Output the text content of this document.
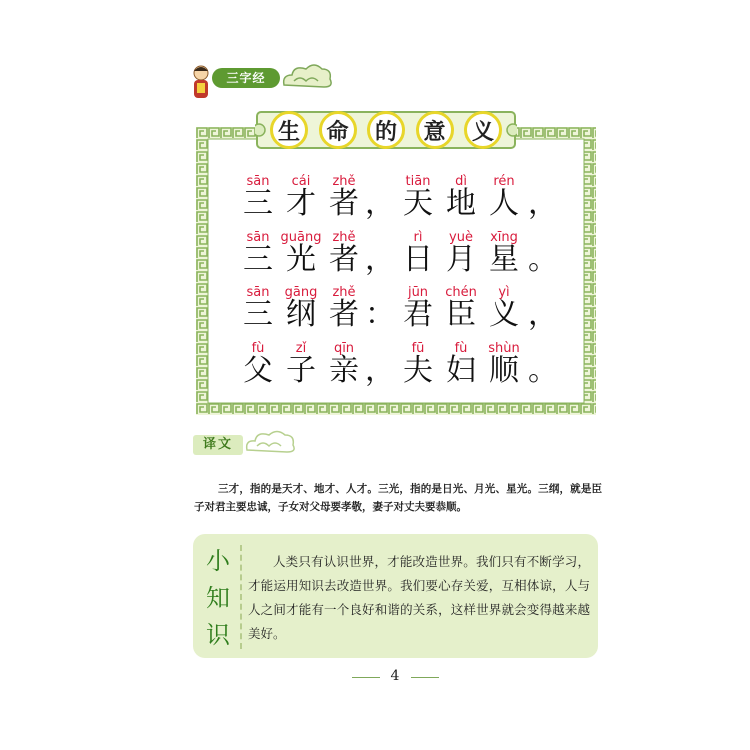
三字经
生	命	的	意	义
sān
三
cái
才
zhě
者 ，
tiān
天
dì
地
rén
人 ，
sān
三
guāng
光
zhě
者 ，
rì
日
yuè
月
xīng
星 。
sān
三
gāng
纲
zhě
者 ：
jūn
君
chén
臣
yì
义 ，
fù
父
zǐ
子
qīn
亲 ，
fū
夫
fù
妇
shùn
顺 。
译文
三才，指的是天才、地才、人才。三光，指的是日光、月光、星光。三纲，就是臣子对君主要忠诚，子女对父母要孝敬，妻子对丈夫要恭顺。
小
知
识
人类只有认识世界，才能改造世界。我们只有不断学习，才能运用知识去改造世界。我们要心存关爱，互相体谅，人与人之间才能有一个良好和谐的关系，这样世界就会变得越来越美好。
4
